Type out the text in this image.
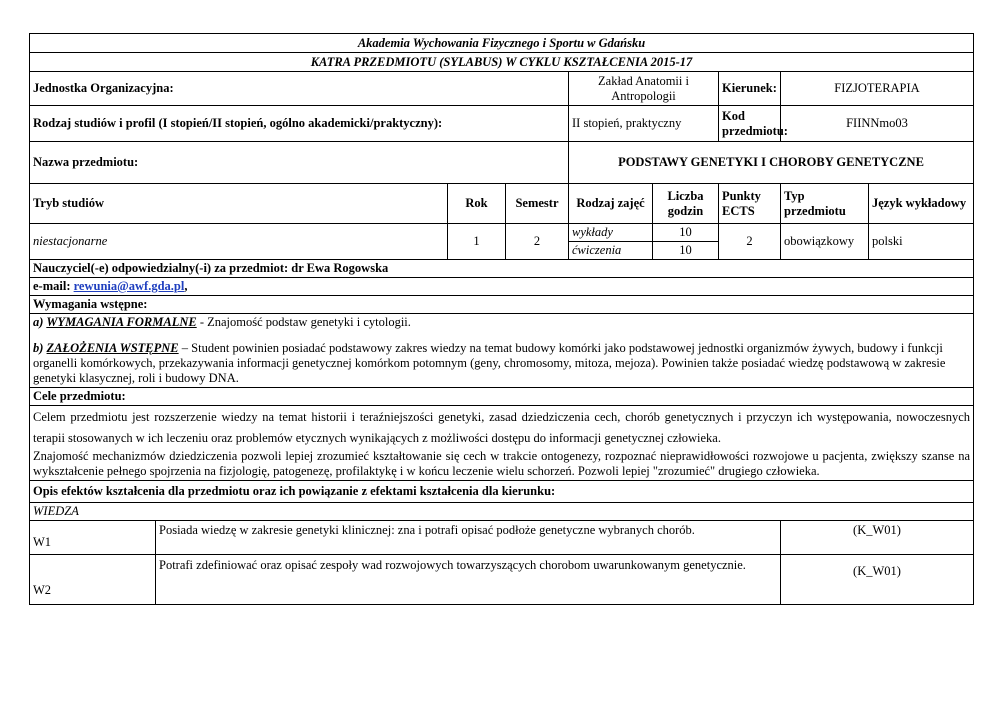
Akademia Wychowania Fizycznego i Sportu w Gdańsku								
KATRA PRZEDMIOTU (SYLABUS) W CYKLU KSZTAŁCENIA 2015-17								
Jednostka Organizacyjna:				Zakład Anatomii i Antropologii		Kierunek:	FIZJOTERAPIA	
Rodzaj studiów i profil (I stopień/II stopień, ogólno akademicki/praktyczny):				II stopień, praktyczny		Kod przedmiotu:	FIINNmo03	
Nazwa przedmiotu:				PODSTAWY GENETYKI I CHOROBY GENETYCZNE				
Tryb studiów		Rok	Semestr	Rodzaj zajęć	Liczba godzin	Punkty ECTS	Typ przedmiotu	Język wykładowy
niestacjonarne		1	2	wykłady	10	2	obowiązkowy	polski
				ćwiczenia	10			
Nauczyciel(-e) odpowiedzialny(-i) za przedmiot: dr Ewa Rogowska								
e-mail: rewunia@awf.gda.pl,								
Wymagania wstępne:								

a) WYMAGANIA FORMALNE - Znajomość podstaw genetyki i cytologii.
b) ZAŁOŻENIA WSTĘPNE – Student powinien posiadać podstawowy zakres wiedzy na temat budowy komórki jako podstawowej jednostki organizmów żywych, budowy i funkcji organelli komórkowych, przekazywania informacji genetycznej komórkom potomnym (geny, chromosomy, mitoza, mejoza). Powinien także posiadać wiedzę podstawową w zakresie genetyki klasycznej, roli i budowy DNA.								

Cele przedmiotu:								

Celem przedmiotu jest rozszerzenie wiedzy na temat historii i teraźniejszości genetyki, zasad dziedziczenia cech, chorób genetycznych i przyczyn ich występowania, nowoczesnych terapii stosowanych w ich leczeniu oraz problemów etycznych wynikających z możliwości dostępu do informacji genetycznej człowieka.
Znajomość mechanizmów dziedziczenia pozwoli lepiej zrozumieć kształtowanie się cech w trakcie ontogenezy, rozpoznać nieprawidłowości rozwojowe u pacjenta, zwiększy szanse na wykształcenie pełnego spojrzenia na fizjologię, patogenezę, profilaktykę i w końcu leczenie wielu schorzeń. Pozwoli lepiej "zrozumieć" drugiego człowieka.								

Opis efektów kształcenia dla przedmiotu oraz ich powiązanie z efektami kształcenia dla kierunku:								
WIEDZA								
W1	Posiada wiedzę w zakresie genetyki klinicznej: zna i potrafi opisać podłoże genetyczne wybranych chorób.						(K_W01)	
W2	Potrafi zdefiniować oraz opisać zespoły wad rozwojowych towarzyszących chorobom uwarunkowanym genetycznie.						(K_W01)	
